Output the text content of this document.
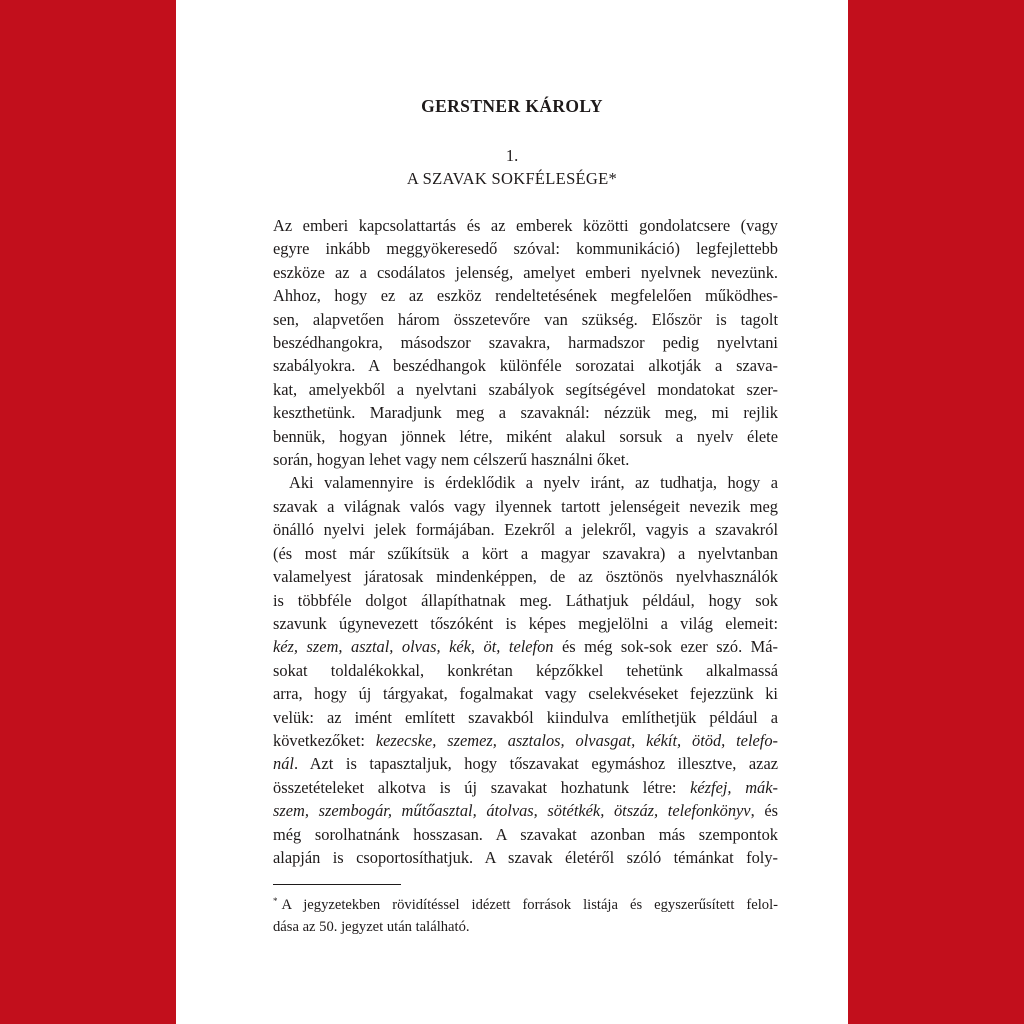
GERSTNER KÁROLY
1.
A SZAVAK SOKFÉLESÉGE*
Az emberi kapcsolattartás és az emberek közötti gondolatcsere (vagy
egyre inkább meggyökeresedő szóval: kommunikáció) legfejlettebb
eszköze az a csodálatos jelenség, amelyet emberi nyelvnek nevezünk.
Ahhoz, hogy ez az eszköz rendeltetésének megfelelően működhes-
sen, alapvetően három összetevőre van szükség. Először is tagolt
beszédhangokra, másodszor szavakra, harmadszor pedig nyelvtani
szabályokra. A beszédhangok különféle sorozatai alkotják a szava-
kat, amelyekből a nyelvtani szabályok segítségével mondatokat szer-
keszthetünk. Maradjunk meg a szavaknál: nézzük meg, mi rejlik
bennük, hogyan jönnek létre, miként alakul sorsuk a nyelv élete
során, hogyan lehet vagy nem célszerű használni őket.
Aki valamennyire is érdeklődik a nyelv iránt, az tudhatja, hogy a
szavak a világnak valós vagy ilyennek tartott jelenségeit nevezik meg
önálló nyelvi jelek formájában. Ezekről a jelekről, vagyis a szavakról
(és most már szűkítsük a kört a magyar szavakra) a nyelvtanban
valamelyest járatosak mindenképpen, de az ösztönös nyelvhasználók
is többféle dolgot állapíthatnak meg. Láthatjuk például, hogy sok
szavunk úgynevezett tőszóként is képes megjelölni a világ elemeit:
kéz, szem, asztal, olvas, kék, öt, telefon és még sok-sok ezer szó. Má-
sokat toldalékokkal, konkrétan képzőkkel tehetünk alkalmassá
arra, hogy új tárgyakat, fogalmakat vagy cselekvéseket fejezzünk ki
velük: az imént említett szavakból kiindulva említhetjük például a
következőket: kezecske, szemez, asztalos, olvasgat, kékít, ötöd, telefo-
nál. Azt is tapasztaljuk, hogy tőszavakat egymáshoz illesztve, azaz
összetételeket alkotva is új szavakat hozhatunk létre: kézfej, mák-
szem, szembogár, műtőasztal, átolvas, sötétkék, ötszáz, telefonkönyv, és
még sorolhatnánk hosszasan. A szavakat azonban más szempontok
alapján is csoportosíthatjuk. A szavak életéről szóló témánkat foly-
* A jegyzetekben rövidítéssel idézett források listája és egyszerűsített felol-
dása az 50. jegyzet után található.
